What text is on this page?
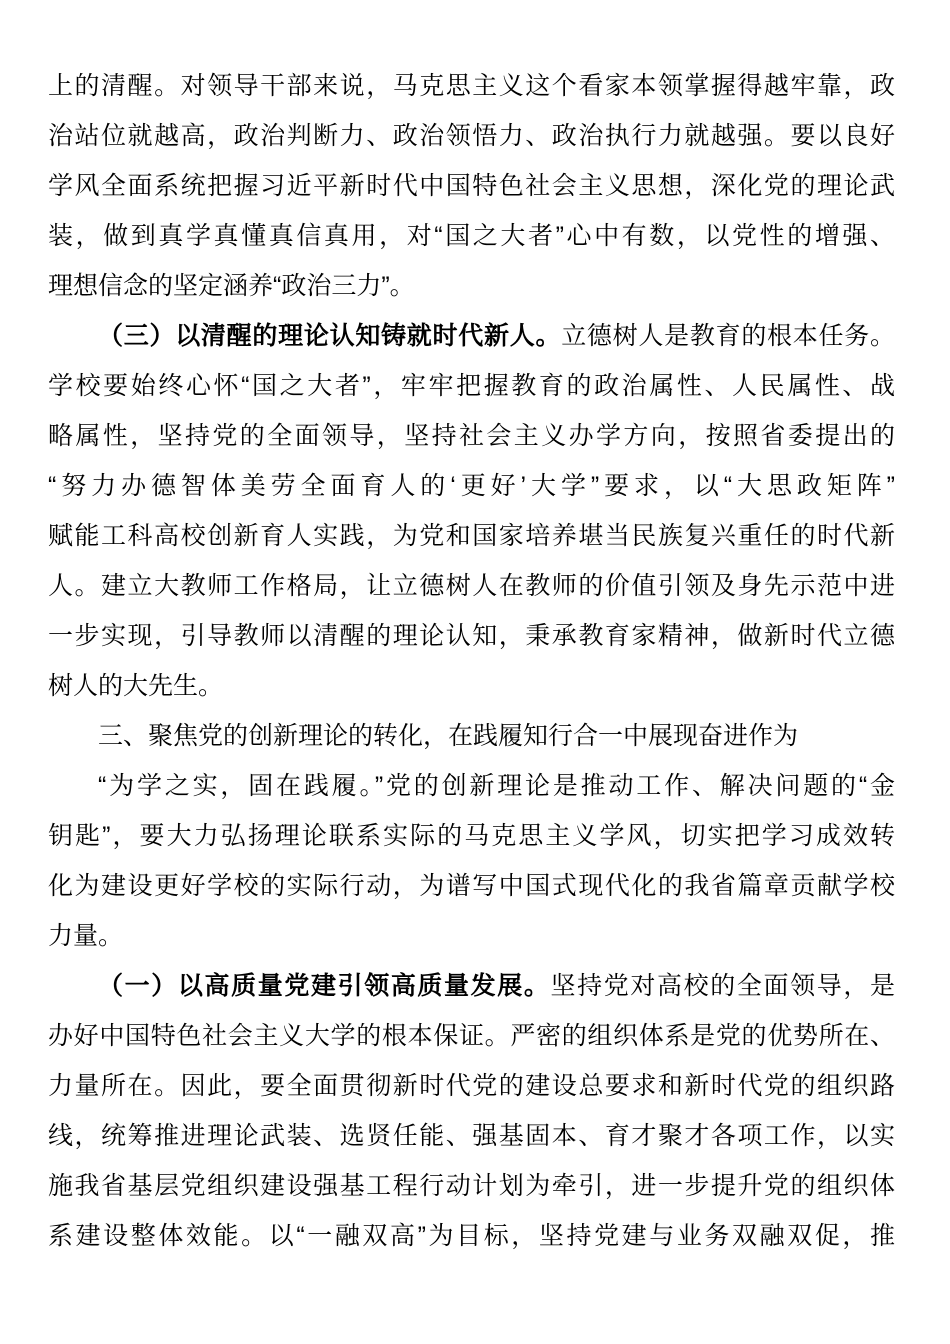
上的清醒。对领导干部来说，马克思主义这个看家本领掌握得越牢靠，政
治站位就越高，政治判断力、政治领悟力、政治执行力就越强。要以良好
学风全面系统把握习近平新时代中国特色社会主义思想，深化党的理论武
装，做到真学真懂真信真用，对“国之大者”心中有数，以党性的增强、
理想信念的坚定涵养“政治三力”。
（三）以清醒的理论认知铸就时代新人。立德树人是教育的根本任务。
学校要始终心怀“国之大者”，牢牢把握教育的政治属性、人民属性、战
略属性，坚持党的全面领导，坚持社会主义办学方向，按照省委提出的
“努力办德智体美劳全面育人的‘更好’大学”要求，以“大思政矩阵”
赋能工科高校创新育人实践，为党和国家培养堪当民族复兴重任的时代新
人。建立大教师工作格局，让立德树人在教师的价值引领及身先示范中进
一步实现，引导教师以清醒的理论认知，秉承教育家精神，做新时代立德
树人的大先生。
三、聚焦党的创新理论的转化，在践履知行合一中展现奋进作为
“为学之实，固在践履。”党的创新理论是推动工作、解决问题的“金
钥匙”，要大力弘扬理论联系实际的马克思主义学风，切实把学习成效转
化为建设更好学校的实际行动，为谱写中国式现代化的我省篇章贡献学校
力量。
（一）以高质量党建引领高质量发展。坚持党对高校的全面领导，是
办好中国特色社会主义大学的根本保证。严密的组织体系是党的优势所在、
力量所在。因此，要全面贯彻新时代党的建设总要求和新时代党的组织路
线，统筹推进理论武装、选贤任能、强基固本、育才聚才各项工作，以实
施我省基层党组织建设强基工程行动计划为牵引，进一步提升党的组织体
系建设整体效能。以“一融双高”为目标，坚持党建与业务双融双促，推
